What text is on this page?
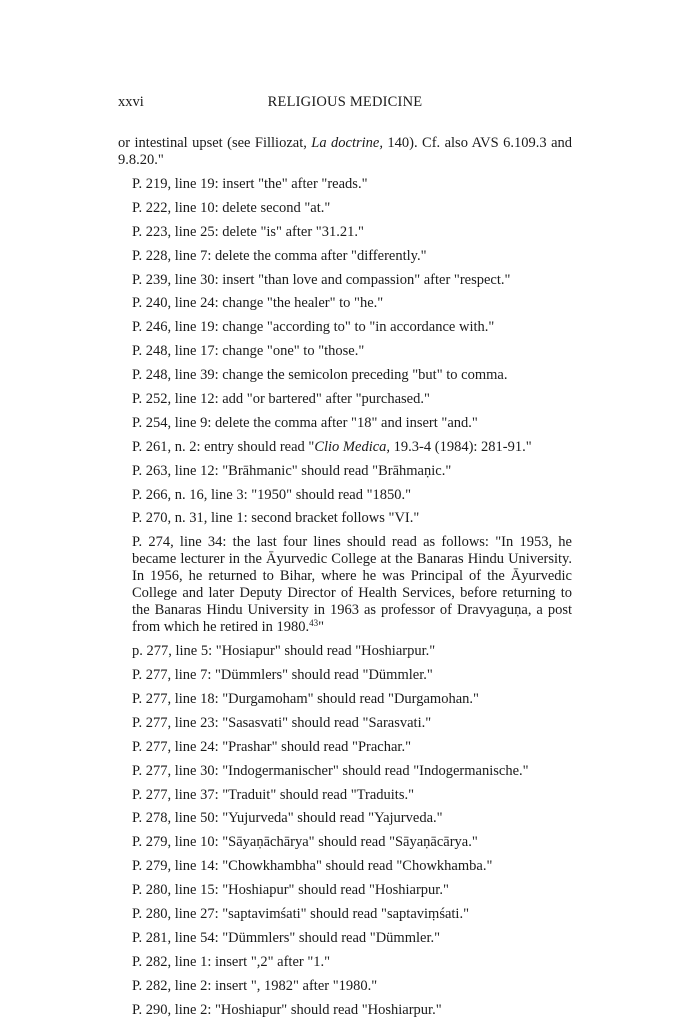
xxvi	RELIGIOUS MEDICINE

or intestinal upset (see Filliozat, La doctrine, 140). Cf. also AVS 6.109.3 and 9.8.20."

P. 219, line 19: insert "the" after "reads."
P. 222, line 10: delete second "at."
P. 223, line 25: delete "is" after "31.21."
P. 228, line 7: delete the comma after "differently."
P. 239, line 30: insert "than love and compassion" after "respect."
P. 240, line 24: change "the healer" to "he."
P. 246, line 19: change "according to" to "in accordance with."
P. 248, line 17: change "one" to "those."
P. 248, line 39: change the semicolon preceding "but" to comma.
P. 252, line 12: add "or bartered" after "purchased."
P. 254, line 9: delete the comma after "18" and insert "and."
P. 261, n. 2: entry should read "Clio Medica, 19.3-4 (1984): 281-91."
P. 263, line 12: "Brāhmanic" should read "Brāhmaṇic."
P. 266, n. 16, line 3: "1950" should read "1850."
P. 270, n. 31, line 1: second bracket follows "VI."
P. 274, line 34: the last four lines should read as follows: "In 1953, he became lecturer in the Āyurvedic College at the Banaras Hindu University. In 1956, he returned to Bihar, where he was Principal of the Āyurvedic College and later Deputy Director of Health Services, before returning to the Banaras Hindu University in 1963 as professor of Dravyaguṇa, a post from which he retired in 1980.43"
p. 277, line 5: "Hosiapur" should read "Hoshiarpur."
P. 277, line 7: "Dümmlers" should read "Dümmler."
P. 277, line 18: "Durgamoham" should read "Durgamohan."
P. 277, line 23: "Sasasvati" should read "Sarasvati."
P. 277, line 24: "Prashar" should read "Prachar."
P. 277, line 30: "Indogermanischer" should read "Indogermanische."
P. 277, line 37: "Traduit" should read "Traduits."
P. 278, line 50: "Yujurveda" should read "Yajurveda."
P. 279, line 10: "Sāyaṇāchārya" should read "Sāyaṇācārya."
P. 279, line 14: "Chowkhambha" should read "Chowkhamba."
P. 280, line 15: "Hoshiapur" should read "Hoshiarpur."
P. 280, line 27: "saptavimśati" should read "saptaviṃśati."
P. 281, line 54: "Dümmlers" should read "Dümmler."
P. 282, line 1: insert ",2" after "1."
P. 282, line 2: insert ", 1982" after "1980."
P. 290, line 2: "Hoshiapur" should read "Hoshiarpur."
